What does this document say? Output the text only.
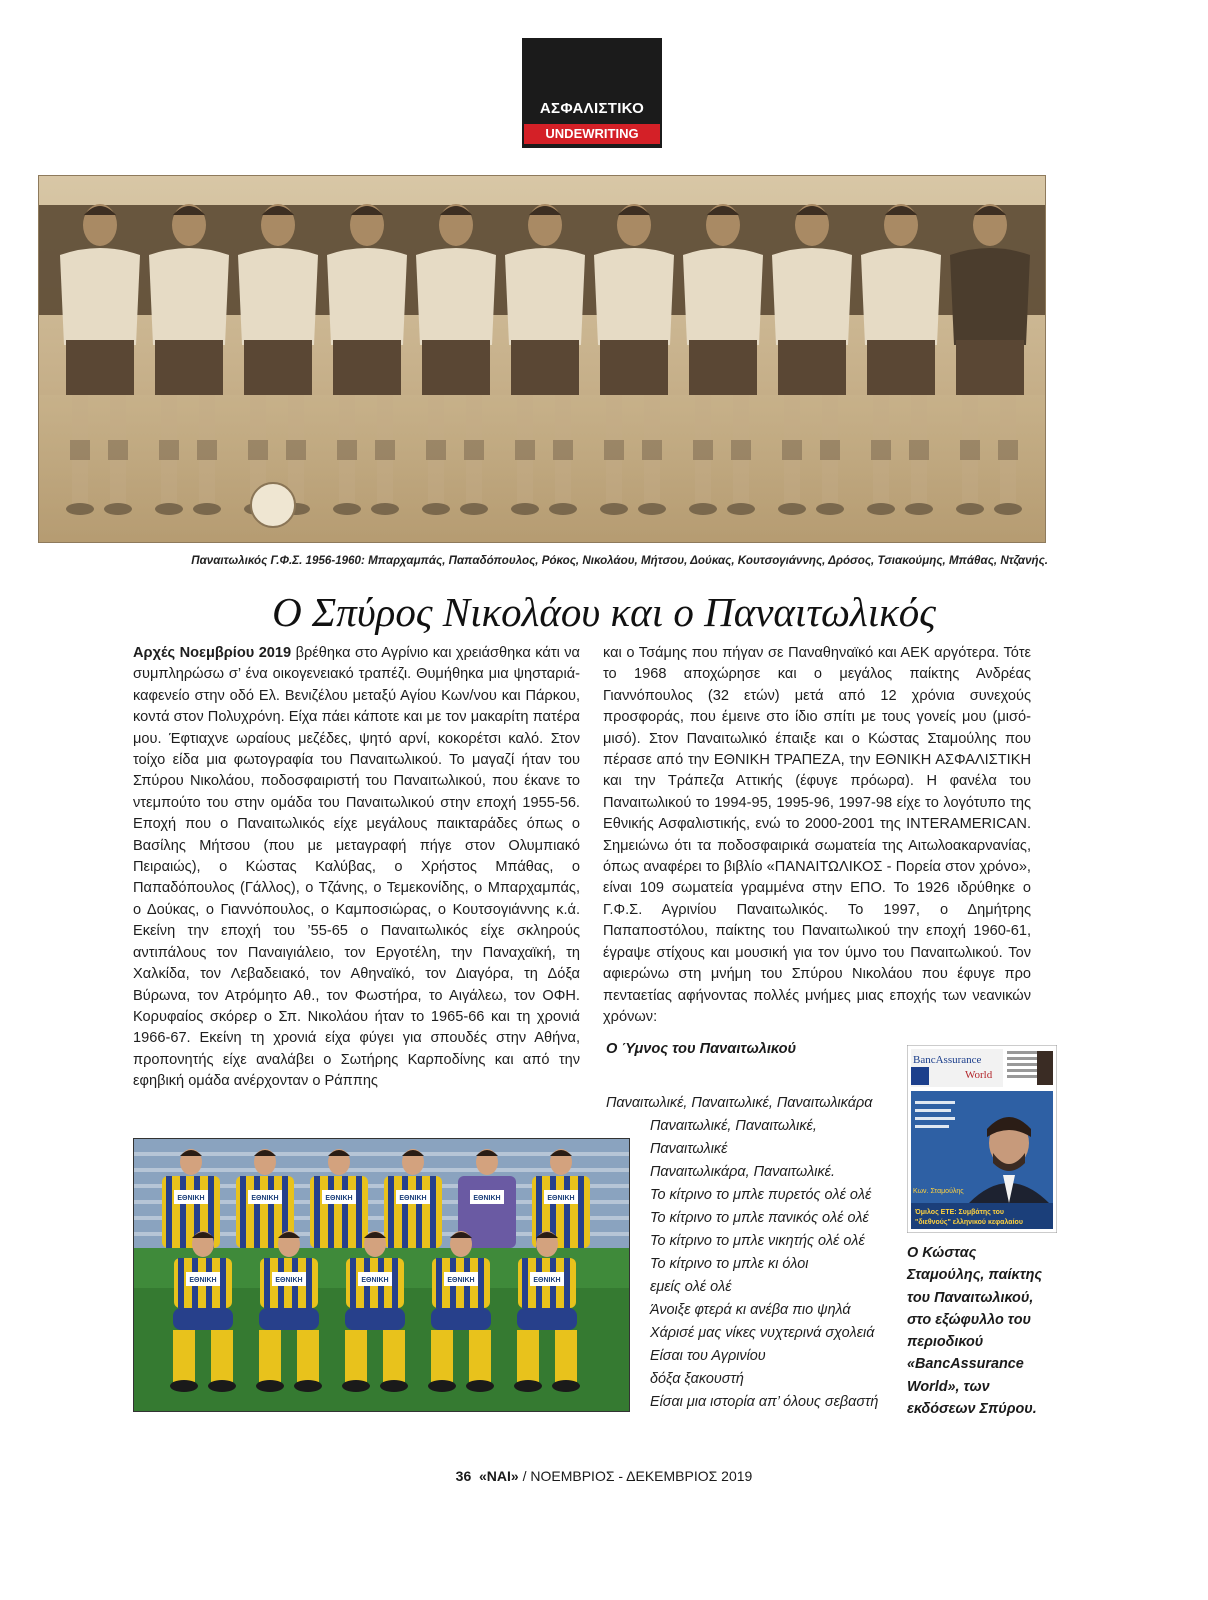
ΑΣΦΑΛΙΣΤΙΚΟ
UNDEWRITING
Παναιτωλικός Γ.Φ.Σ. 1956-1960: Μπαρχαμπάς, Παπαδόπουλος, Ρόκος, Νικολάου, Μήτσου, Δούκας, Κουτσογιάννης, Δρόσος, Τσιακούμης, Μπάθας, Ντζανής.
Ο Σπύρος Νικολάου και ο Παναιτωλικός
Αρχές Νοεμβρίου 2019 βρέθηκα στο Αγρίνιο και χρειάσθηκα κάτι να συμπληρώσω σ’ ένα οικογενειακό τραπέζι. Θυμήθηκα μια ψησταριά-καφενείο στην οδό Ελ. Βενιζέλου μεταξύ Αγίου Κων/νου και Πάρκου, κοντά στον Πολυχρόνη. Είχα πάει κάποτε και με τον μακαρίτη πατέρα μου. Έφτιαχνε ωραίους μεζέδες, ψητό αρνί, κοκορέτσι καλό. Στον τοίχο είδα μια φωτογραφία του Παναιτωλικού. Το μαγαζί ήταν του Σπύρου Νικολάου, ποδοσφαιριστή του Παναιτωλικού, που έκανε το ντεμπούτο του στην ομάδα του Παναιτωλικού στην εποχή 1955-56. Εποχή που ο Παναιτωλικός είχε μεγάλους παικταράδες όπως ο Βασίλης Μήτσου (που με μεταγραφή πήγε στον Ολυμπιακό Πειραιώς), ο Κώστας Καλύβας, ο Χρήστος Μπάθας, ο Παπαδόπουλος (Γάλλος), ο Τζάνης, ο Τεμεκονίδης, ο Μπαρχαμπάς, ο Δούκας, ο Γιαννόπουλος, ο Καμποσιώρας, ο Κουτσογιάννης κ.ά. Εκείνη την εποχή του ’55-65 ο Παναιτωλικός είχε σκληρούς αντιπάλους τον Παναιγιάλειο, τον Εργοτέλη, την Παναχαϊκή, τη Χαλκίδα, τον Λεβαδειακό, τον Αθηναϊκό, τον Διαγόρα, τη Δόξα Βύρωνα, τον Ατρόμητο Αθ., τον Φωστήρα, το Αιγάλεω, τον ΟΦΗ. Κορυφαίος σκόρερ ο Σπ. Νικολάου ήταν το 1965-66 και τη χρονιά 1966-67. Εκείνη τη χρονιά είχα φύγει για σπουδές στην Αθήνα, προπονητής είχε αναλάβει ο Σωτήρης Καρποδίνης και από την εφηβική ομάδα ανέρχονταν ο Ράππης
και ο Τσάμης που πήγαν σε Παναθηναϊκό και ΑΕΚ αργότερα. Τότε το 1968 αποχώρησε και ο μεγάλος παίκτης Ανδρέας Γιαννόπουλος (32 ετών) μετά από 12 χρόνια συνεχούς προσφοράς, που έμεινε στο ίδιο σπίτι με τους γονείς μου (μισό-μισό). Στον Παναιτωλικό έπαιξε και ο Κώστας Σταμούλης που πέρασε από την ΕΘΝΙΚΗ ΤΡΑΠΕΖΑ, την ΕΘΝΙΚΗ ΑΣΦΑΛΙΣΤΙΚΗ και την Τράπεζα Αττικής (έφυγε πρόωρα). Η φανέλα του Παναιτωλικού το 1994-95, 1995-96, 1997-98 είχε το λογότυπο της Εθνικής Ασφαλιστικής, ενώ το 2000-2001 της INTERAMERICAN. Σημειώνω ότι τα ποδοσφαιρικά σωματεία της Αιτωλοακαρνανίας, όπως αναφέρει το βιβλίο «ΠΑΝΑΙΤΩΛΙΚΟΣ - Πορεία στον χρόνο», είναι 109 σωματεία γραμμένα στην ΕΠΟ. Το 1926 ιδρύθηκε ο Γ.Φ.Σ. Αγρινίου Παναιτωλικός. Το 1997, ο Δημήτρης Παπαποστόλου, παίκτης του Παναιτωλικού την εποχή 1960-61, έγραψε στίχους και μουσική για τον ύμνο του Παναιτωλικού. Τον αφιερώνω στη μνήμη του Σπύρου Νικολάου που έφυγε προ πενταετίας αφήνοντας πολλές μνήμες μιας εποχής των νεανικών χρόνων:
Ο Ύμνος του Παναιτωλικού
Παναιτωλικέ, Παναιτωλικέ, Παναιτωλικάρα
Παναιτωλικέ, Παναιτωλικέ,
Παναιτωλικέ
Παναιτωλικάρα, Παναιτωλικέ.
Το κίτρινο το μπλε πυρετός ολέ ολέ
Το κίτρινο το μπλε πανικός ολέ ολέ
Το κίτρινο το μπλε νικητής ολέ ολέ
Το κίτρινο το μπλε κι όλοι
εμείς ολέ ολέ
Άνοιξε φτερά κι ανέβα πιο ψηλά
Χάρισέ μας νίκες νυχτερινά σχολειά
Είσαι του Αγρινίου
δόξα ξακουστή
Είσαι μια ιστορία απ’ όλους σεβαστή
ΕΘΝΙΚΗ	ΕΘΝΙΚΗ	ΕΘΝΙΚΗ	ΕΘΝΙΚΗ	ΕΘΝΙΚΗ	ΕΘΝΙΚΗ
ΕΘΝΙΚΗ	ΕΘΝΙΚΗ	ΕΘΝΙΚΗ	ΕΘΝΙΚΗ	ΕΘΝΙΚΗ
BancAssurance
World
Κων. Σταμούλης
Όμιλος ΕΤΕ: Συμβάτης του
"διεθνούς" ελληνικού κεφαλαίου
Ο Κώστας Σταμούλης, παίκτης του Παναιτωλικού, στο εξώφυλλο του περιοδικού «BancAssurance World», των εκδόσεων Σπύρου.
36 «ΝΑΙ» / ΝΟΕΜΒΡΙΟΣ - ΔΕΚΕΜΒΡΙΟΣ 2019
